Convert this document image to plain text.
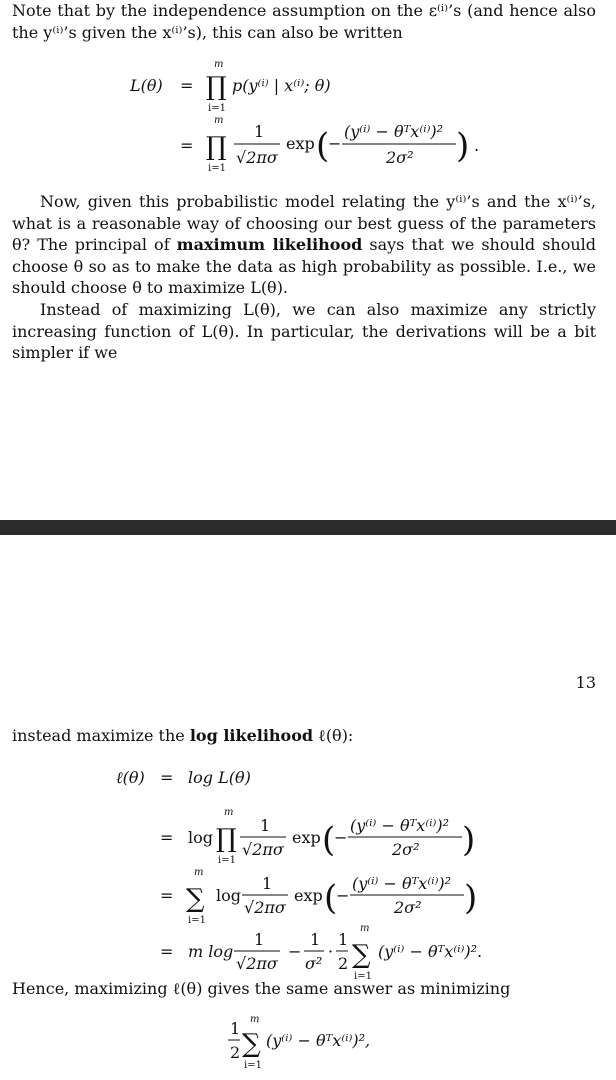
Note that by the independence assumption on the ε⁽ⁱ⁾’s (and hence also the y⁽ⁱ⁾’s given the x⁽ⁱ⁾’s), this can also be written

L(θ) =
m
∏
i=1
p(y⁽ⁱ⁾ | x⁽ⁱ⁾; θ)
=
m
∏
i=1
1
√2πσ
exp (
−
(y⁽ⁱ⁾ − θᵀx⁽ⁱ⁾)²
2σ² ) .

Now, given this probabilistic model relating the y⁽ⁱ⁾’s and the x⁽ⁱ⁾’s, what is a reasonable way of choosing our best guess of the parameters θ? The principal of maximum likelihood says that we should should choose θ so as to make the data as high probability as possible. I.e., we should choose θ to maximize L(θ).

Instead of maximizing L(θ), we can also maximize any strictly increasing function of L(θ). In particular, the derivations will be a bit simpler if we

13

instead maximize the log likelihood ℓ(θ):

ℓ(θ) = log L(θ)
= log
m
∏
i=1
1
√2πσ
exp (
−
(y⁽ⁱ⁾ − θᵀx⁽ⁱ⁾)²
2σ² )
=
m
∑
i=1
log
1
√2πσ
exp (
−
(y⁽ⁱ⁾ − θᵀx⁽ⁱ⁾)²
2σ² )
= m log
1
√2πσ
−
1
σ²
·
1
2
m
∑
i=1
(y⁽ⁱ⁾ − θᵀx⁽ⁱ⁾)².

Hence, maximizing ℓ(θ) gives the same answer as minimizing

1
2
m
∑
i=1
(y⁽ⁱ⁾ − θᵀx⁽ⁱ⁾)²,
